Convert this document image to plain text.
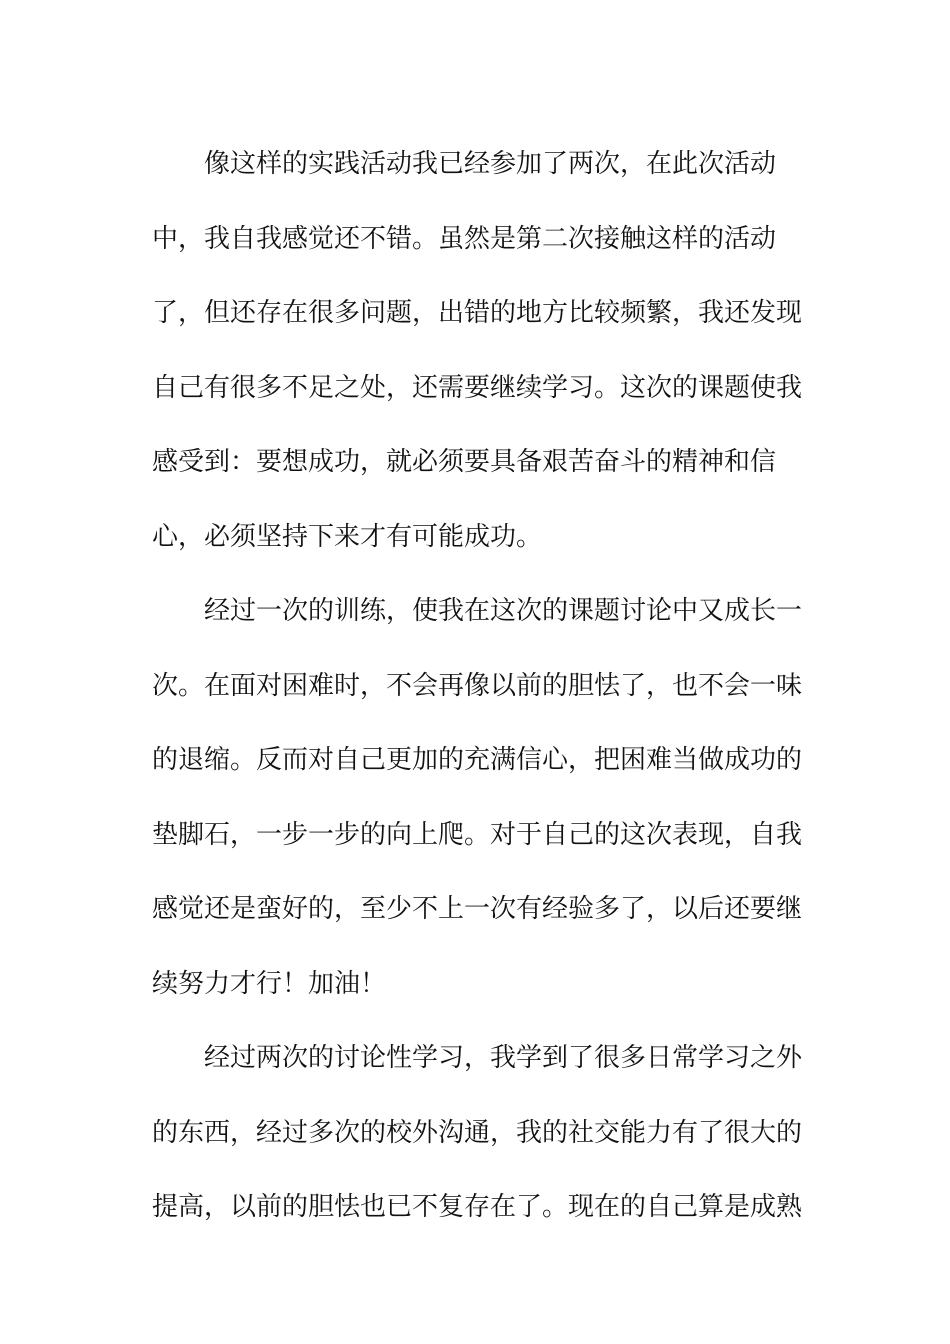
像这样的实践活动我已经参加了两次，在此次活动
中，我自我感觉还不错。虽然是第二次接触这样的活动
了，但还存在很多问题，出错的地方比较频繁，我还发现
自己有很多不足之处，还需要继续学习。这次的课题使我
感受到：要想成功，就必须要具备艰苦奋斗的精神和信
心，必须坚持下来才有可能成功。
经过一次的训练，使我在这次的课题讨论中又成长一
次。在面对困难时，不会再像以前的胆怯了，也不会一味
的退缩。反而对自己更加的充满信心，把困难当做成功的
垫脚石，一步一步的向上爬。对于自己的这次表现，自我
感觉还是蛮好的，至少不上一次有经验多了，以后还要继
续努力才行！加油！
经过两次的讨论性学习，我学到了很多日常学习之外
的东西，经过多次的校外沟通，我的社交能力有了很大的
提高，以前的胆怯也已不复存在了。现在的自己算是成熟
